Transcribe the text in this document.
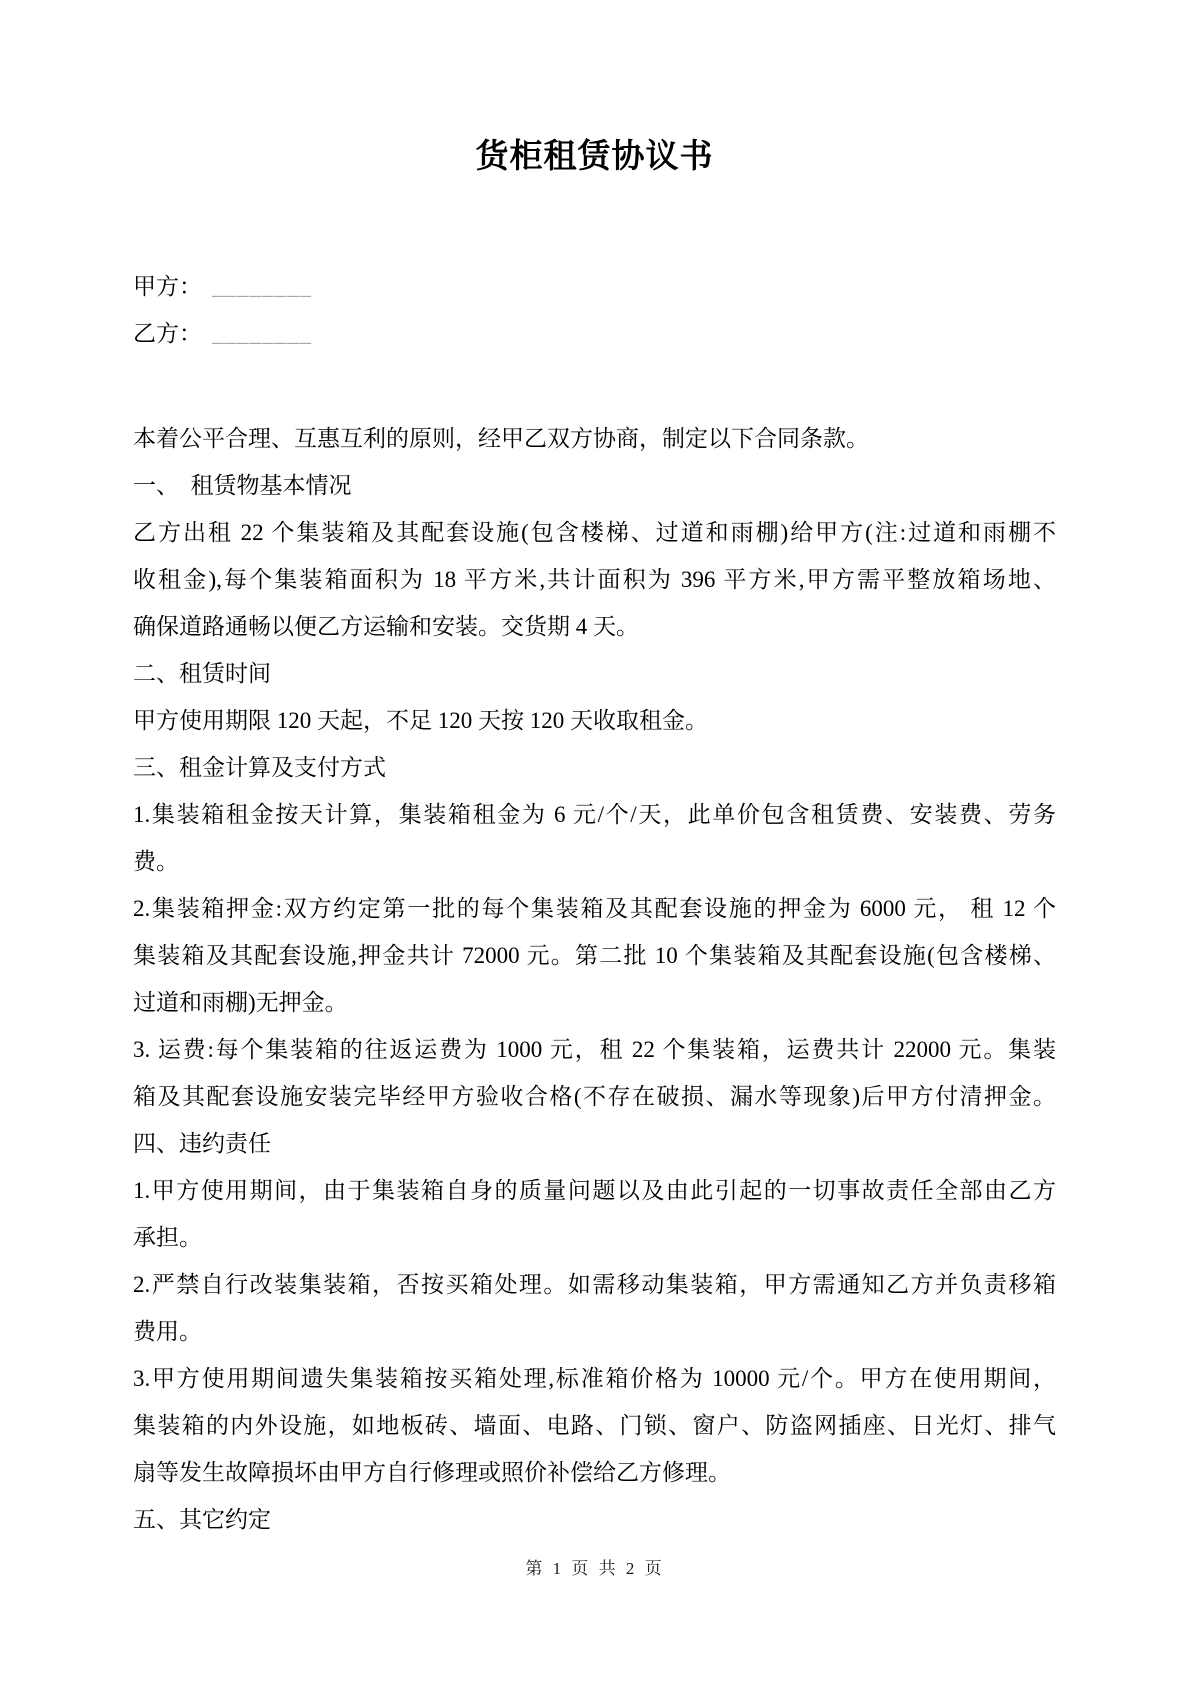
货柜租赁协议书
甲方： ________
乙方： ________
本着公平合理、互惠互利的原则，经甲乙双方协商，制定以下合同条款。
一、　租赁物基本情况
乙方出租 22 个集装箱及其配套设施(包含楼梯、过道和雨棚)给甲方(注:过道和雨棚不
收租金),每个集装箱面积为 18 平方米,共计面积为 396 平方米,甲方需平整放箱场地、
确保道路通畅以便乙方运输和安装。交货期 4 天。
二、租赁时间
甲方使用期限 120 天起，不足 120 天按 120 天收取租金。
三、租金计算及支付方式
1.集装箱租金按天计算，集装箱租金为 6 元/个/天，此单价包含租赁费、安装费、劳务
费。
2.集装箱押金:双方约定第一批的每个集装箱及其配套设施的押金为 6000 元， 租 12 个
集装箱及其配套设施,押金共计 72000 元。第二批 10 个集装箱及其配套设施(包含楼梯、
过道和雨棚)无押金。
3. 运费:每个集装箱的往返运费为 1000 元，租 22 个集装箱，运费共计 22000 元。集装
箱及其配套设施安装完毕经甲方验收合格(不存在破损、漏水等现象)后甲方付清押金。
四、违约责任
1.甲方使用期间，由于集装箱自身的质量问题以及由此引起的一切事故责任全部由乙方
承担。
2.严禁自行改装集装箱，否按买箱处理。如需移动集装箱，甲方需通知乙方并负责移箱
费用。
3.甲方使用期间遗失集装箱按买箱处理,标准箱价格为 10000 元/个。甲方在使用期间，
集装箱的内外设施，如地板砖、墙面、电路、门锁、窗户、防盗网插座、日光灯、排气
扇等发生故障损坏由甲方自行修理或照价补偿给乙方修理。
五、其它约定
第 1 页 共 2 页
